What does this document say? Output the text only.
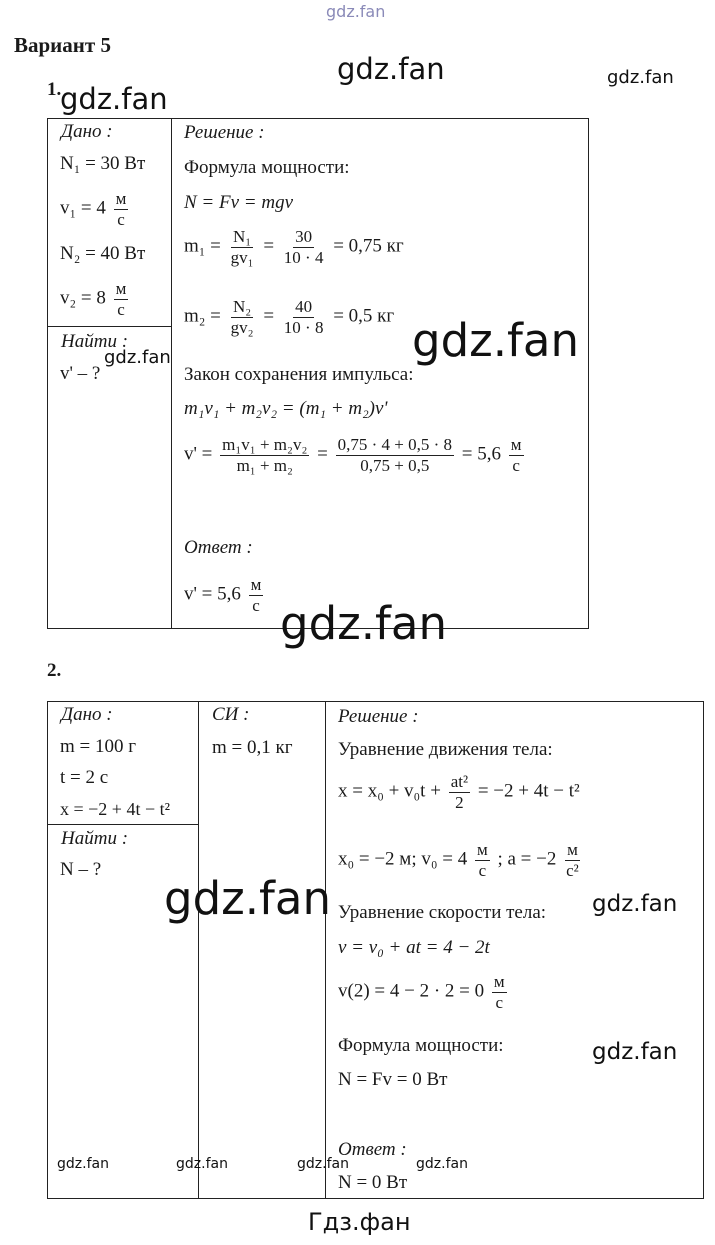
gdz.fan
Вариант 5
1.
Дано :
N₁ = 30 Вт
$v_1 = 4 \frac{м}{с}$
N₂ = 40 Вт
$v_2 = 8 \frac{м}{с}$
Найти :
v' – ?
Решение :
Формула мощности:
N = Fv = mgv
$m_1 = \frac{\text{N₁}}{\text{gv₁}} = \frac{30}{10 \cdot 4} = 0,75$ кг
$m_2 = \frac{\text{N₂}}{\text{gv₂}} = \frac{40}{10 \cdot 8} = 0,5$ кг
Закон сохранения импульса:
m₁v₁ + m₂v₂ = (m₁ + m₂)v'
$v' = \frac{\text{m₁v₁ + m₂v₂}}{\text{m₁ + m₂}} = \frac{0,75 \cdot 4 + 0,5 \cdot 8}{0,75 + 0,5} = 5,6 \frac{м}{с}$
Ответ :
$v' = 5,6 \frac{м}{с}$
2.
Дано :
m = 100 г
t = 2 с
x = −2 + 4t − t²
Найти :
N – ?
СИ :
m = 0,1 кг
Решение :
Уравнение движения тела:
$x = x_0 + v_0t + \frac{\text{at²}}{2} = -2 + 4t - t^2$
x₀ = −2 м; $v_0 = 4 \frac{м}{с}$ ; $a = -2 \frac{м}{\text{с²}}$
Уравнение скорости тела:
v = v₀ + at = 4 − 2t
$v(2) = 4 - 2 \cdot 2 = 0 \frac{м}{с}$
Формула мощности:
N = Fv = 0 Вт
Ответ :
N = 0 Вт
gdz.fan	gdz.fan
gdz.fan
gdz.fan
gdz.fan
gdz.fan
gdz.fan	gdz.fan
gdz.fan
gdz.fan	gdz.fan	gdz.fan	gdz.fan
Гдз.фан
